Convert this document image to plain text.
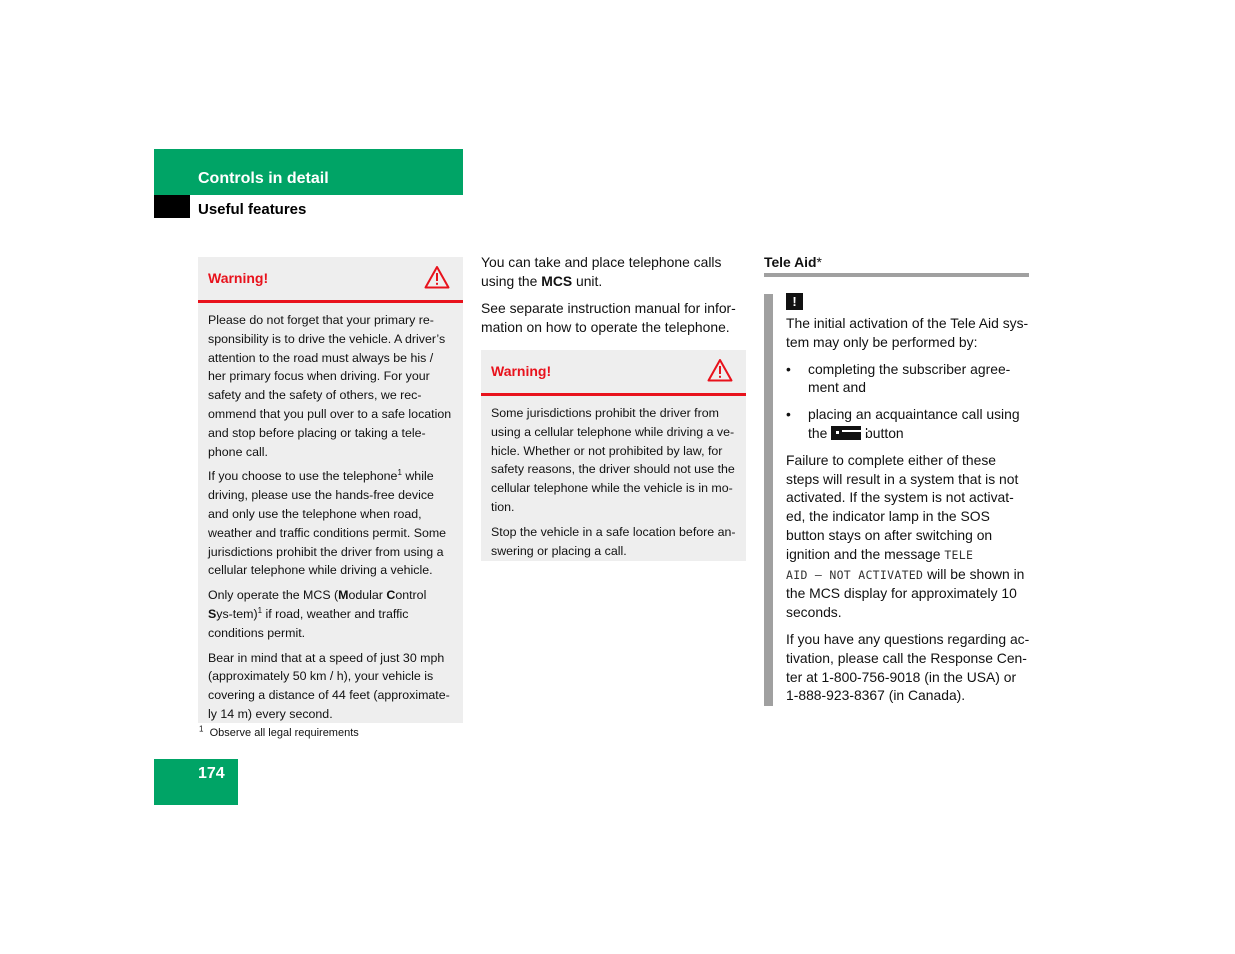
Controls in detail
Useful features
Warning!

Please do not forget that your primary re-sponsibility is to drive the vehicle. A driver’s attention to the road must always be his / her primary focus when driving. For your safety and the safety of others, we rec-ommend that you pull over to a safe location and stop before placing or taking a tele-phone call.

If you choose to use the telephone$^1$ while driving, please use the hands-free device and only use the telephone when road, weather and traffic conditions permit. Some jurisdictions prohibit the driver from using a cellular telephone while driving a vehicle.

Only operate the MCS (Modular Control Sys-tem)$^1$ if road, weather and traffic conditions permit.

Bear in mind that at a speed of just 30 mph (approximately 50 km / h), your vehicle is covering a distance of 44 feet (approximate-ly 14 m) every second.

$^1$ Observe all legal requirements

You can take and place telephone calls using the MCS unit.

See separate instruction manual for infor-mation on how to operate the telephone.

Warning!

Some jurisdictions prohibit the driver from using a cellular telephone while driving a ve-hicle. Whether or not prohibited by law, for safety reasons, the driver should not use the cellular telephone while the vehicle is in mo-tion.

Stop the vehicle in a safe location before an-swering or placing a call.

Tele Aid*
!

The initial activation of the Tele Aid sys-tem may only be performed by:

• completing the subscriber agree-ment and
• placing an acquaintance call using the  button

Failure to complete either of these steps will result in a system that is not activated. If the system is not activat-ed, the indicator lamp in the SOS button stays on after switching on ignition and the message TELE
AID – NOT ACTIVATED will be shown in the MCS display for approximately 10 seconds.

If you have any questions regarding ac-tivation, please call the Response Cen-ter at 1-800-756-9018 (in the USA) or 1-888-923-8367 (in Canada).

174
